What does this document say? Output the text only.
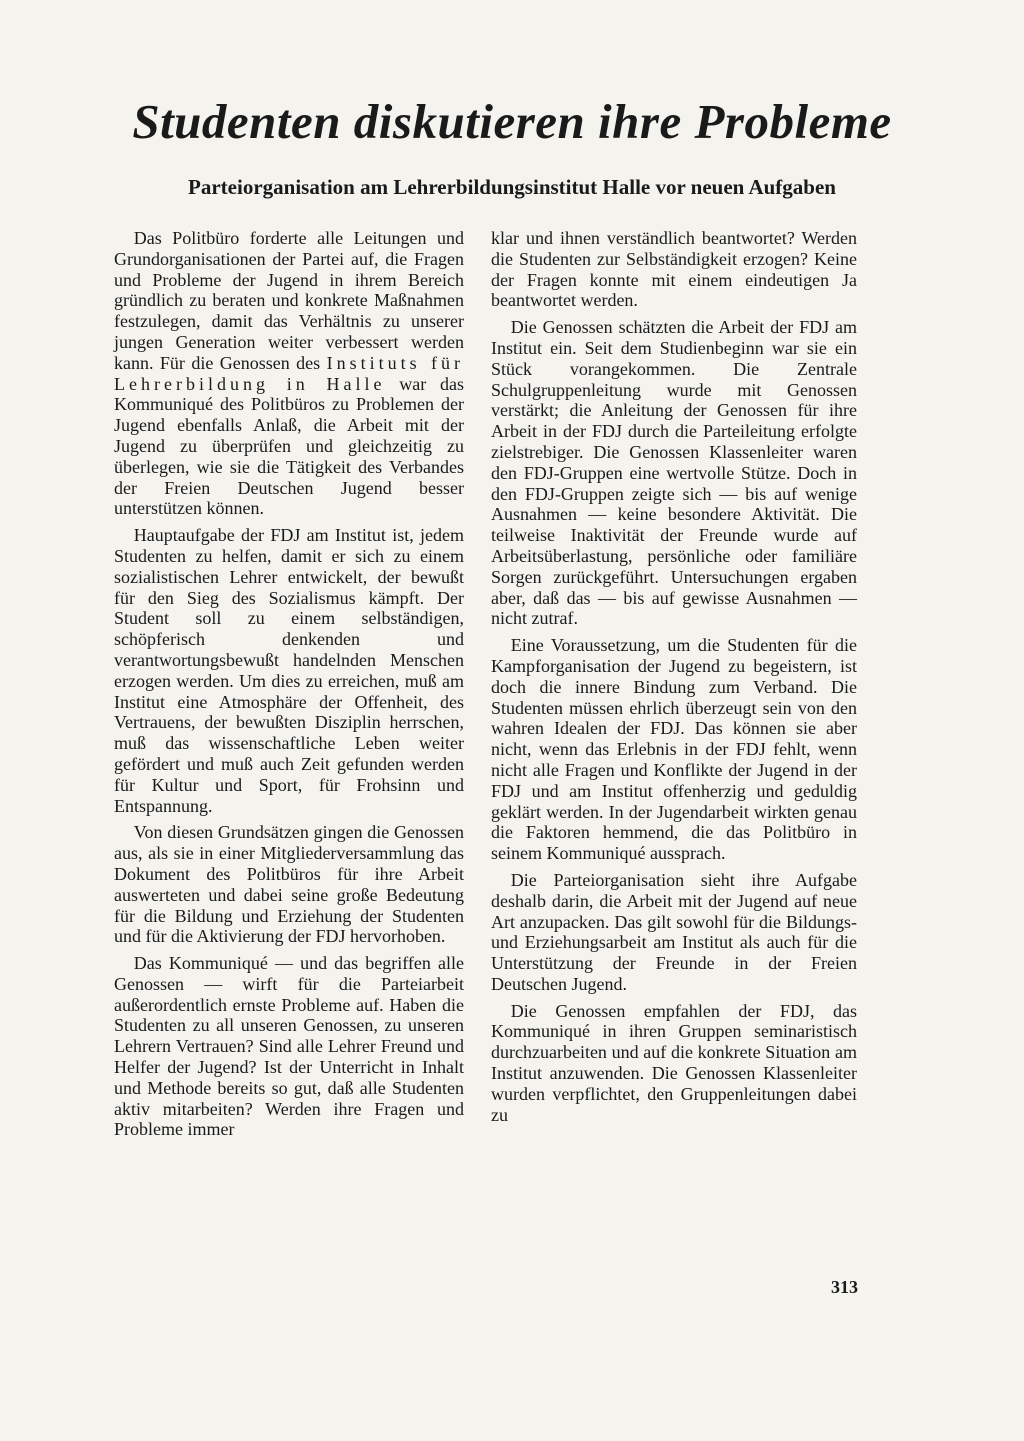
Studenten diskutieren ihre Probleme
Parteiorganisation am Lehrerbildungsinstitut Halle vor neuen Aufgaben

Das Politbüro forderte alle Leitungen und Grundorganisationen der Partei auf, die Fragen und Probleme der Jugend in ihrem Bereich gründlich zu beraten und konkrete Maßnahmen festzulegen, damit das Verhältnis zu unserer jungen Generation weiter verbessert werden kann. Für die Genossen des Instituts für Lehrerbildung in Halle war das Kommuniqué des Politbüros zu Problemen der Jugend ebenfalls Anlaß, die Arbeit mit der Jugend zu überprüfen und gleichzeitig zu überlegen, wie sie die Tätigkeit des Verbandes der Freien Deutschen Jugend besser unterstützen können.

Hauptaufgabe der FDJ am Institut ist, jedem Studenten zu helfen, damit er sich zu einem sozialistischen Lehrer entwickelt, der bewußt für den Sieg des Sozialismus kämpft. Der Student soll zu einem selbständigen, schöpferisch denkenden und verantwortungsbewußt handelnden Menschen erzogen werden. Um dies zu erreichen, muß am Institut eine Atmosphäre der Offenheit, des Vertrauens, der bewußten Disziplin herrschen, muß das wissenschaftliche Leben weiter gefördert und muß auch Zeit gefunden werden für Kultur und Sport, für Frohsinn und Entspannung.

Von diesen Grundsätzen gingen die Genossen aus, als sie in einer Mitgliederversammlung das Dokument des Politbüros für ihre Arbeit auswerteten und dabei seine große Bedeutung für die Bildung und Erziehung der Studenten und für die Aktivierung der FDJ hervorhoben.

Das Kommuniqué — und das begriffen alle Genossen — wirft für die Parteiarbeit außerordentlich ernste Probleme auf. Haben die Studenten zu all unseren Genossen, zu unseren Lehrern Vertrauen? Sind alle Lehrer Freund und Helfer der Jugend? Ist der Unterricht in Inhalt und Methode bereits so gut, daß alle Studenten aktiv mitarbeiten? Werden ihre Fragen und Probleme immer

klar und ihnen verständlich beantwortet? Werden die Studenten zur Selbständigkeit erzogen? Keine der Fragen konnte mit einem eindeutigen Ja beantwortet werden.

Die Genossen schätzten die Arbeit der FDJ am Institut ein. Seit dem Studienbeginn war sie ein Stück vorangekommen. Die Zentrale Schulgruppenleitung wurde mit Genossen verstärkt; die Anleitung der Genossen für ihre Arbeit in der FDJ durch die Parteileitung erfolgte zielstrebiger. Die Genossen Klassenleiter waren den FDJ-Gruppen eine wertvolle Stütze. Doch in den FDJ-Gruppen zeigte sich — bis auf wenige Ausnahmen — keine besondere Aktivität. Die teilweise Inaktivität der Freunde wurde auf Arbeitsüberlastung, persönliche oder familiäre Sorgen zurückgeführt. Untersuchungen ergaben aber, daß das — bis auf gewisse Ausnahmen — nicht zutraf.

Eine Voraussetzung, um die Studenten für die Kampforganisation der Jugend zu begeistern, ist doch die innere Bindung zum Verband. Die Studenten müssen ehrlich überzeugt sein von den wahren Idealen der FDJ. Das können sie aber nicht, wenn das Erlebnis in der FDJ fehlt, wenn nicht alle Fragen und Konflikte der Jugend in der FDJ und am Institut offenherzig und geduldig geklärt werden. In der Jugendarbeit wirkten genau die Faktoren hemmend, die das Politbüro in seinem Kommuniqué aussprach.

Die Parteiorganisation sieht ihre Aufgabe deshalb darin, die Arbeit mit der Jugend auf neue Art anzupacken. Das gilt sowohl für die Bildungs- und Erziehungsarbeit am Institut als auch für die Unterstützung der Freunde in der Freien Deutschen Jugend.

Die Genossen empfahlen der FDJ, das Kommuniqué in ihren Gruppen seminaristisch durchzuarbeiten und auf die konkrete Situation am Institut anzuwenden. Die Genossen Klassenleiter wurden verpflichtet, den Gruppenleitungen dabei zu

313
